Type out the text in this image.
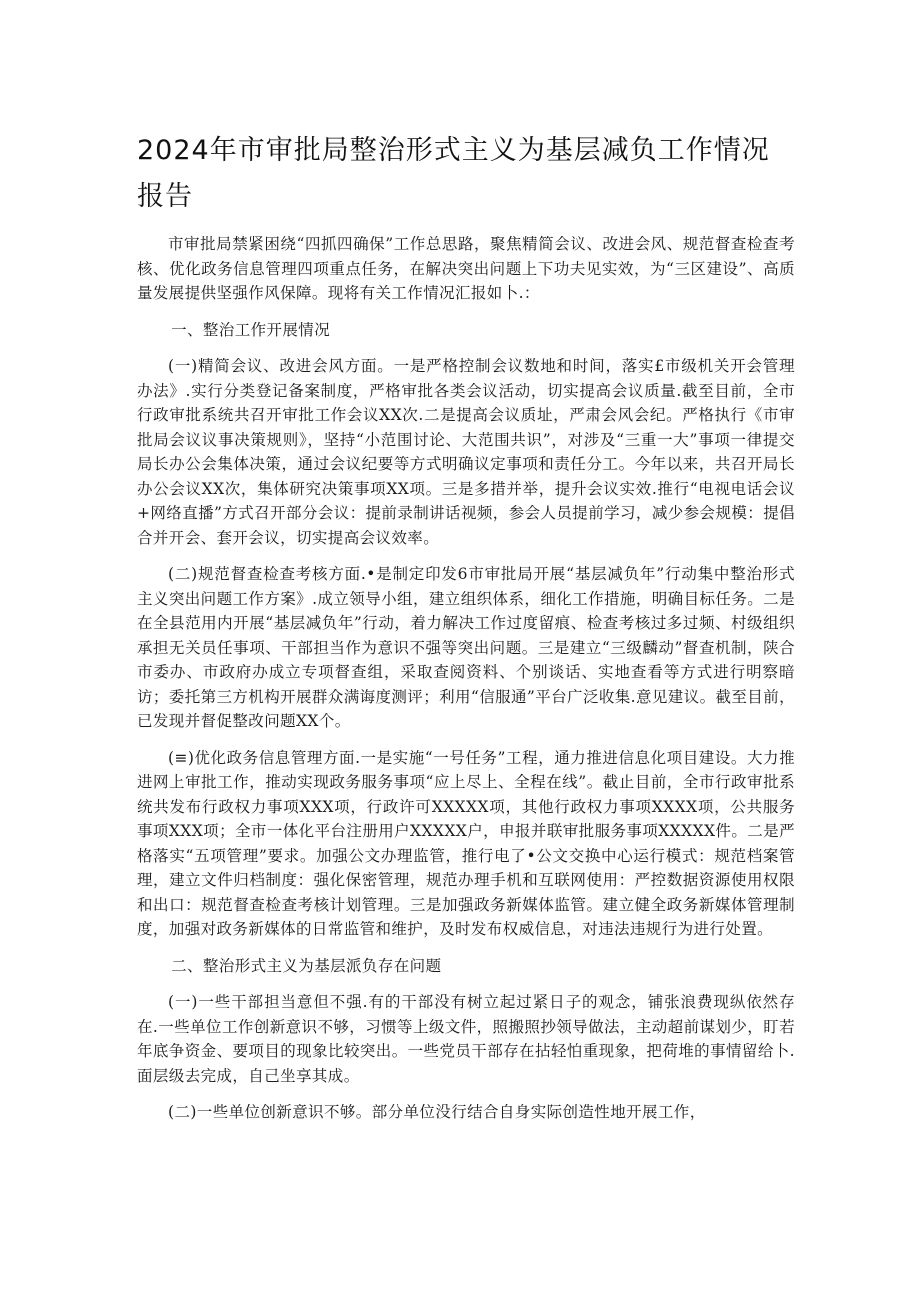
2024年市审批局整治形式主义为基层减负工作情况报告

市审批局禁紧困绕“四抓四确保”工作总思路，聚焦精简会议、改进会风、规范督查检查考核、优化政务信息管理四项重点任务，在解决突出问题上下功夫见实效，为“三区建设”、高质量发展提供坚强作风保障。现将有关工作情况汇报如卜.：

一、整治工作开展情况

(一)精简会议、改进会风方面。一是严格控制会议数地和时间，落实£市级机关开会管理办法》.实行分类登记备案制度，严格审批各类会议活动，切实提高会议质量.截至目前，全市行政审批系统共召开审批工作会议XX次.二是提高会议质址，严肃会风会纪。严格执行《市审批局会议议事决策规则》，坚持“小范围讨论、大范围共识”，对涉及“三重一大”事项一律提交局长办公会集体决策，通过会议纪要等方式明确议定事项和责任分工。今年以来，共召开局长办公会议XX次，集体研究决策事项XX项。三是多措并举，提升会议实效.推行“电视电话会议+网络直播”方式召开部分会议：提前录制讲话视频，参会人员提前学习，减少参会规模：提倡合并开会、套开会议，切实提高会议效率。

(二)规范督查检查考核方面.•是制定印发6市审批局开展“基层减负年”行动集中整治形式主义突出问题工作方案》.成立领导小组，建立组织体系，细化工作措施，明确目标任务。二是在全县范用内开展“基层减负年”行动，着力解决工作过度留痕、检查考核过多过频、村级组织承担无关员任事项、干部担当作为意识不强等突出问题。三是建立“三级麟动”督查机制，陕合市委办、市政府办成立专项督查组，采取查阅资料、个别谈话、实地查看等方式进行明察暗访；委托第三方机构开展群众满诲度测评；利用“信服通”平台广泛收集.意见建议。截至目前，已发现并督促整改问题XX个。

(≡)优化政务信息管理方面.一是实施“一号任务”工程，通力推进信息化项目建设。大力推进网上审批工作，推动实现政务服务事项“应上尽上、全程在线”。截止目前，全市行政审批系统共发布行政权力事项XXX项，行政许可XXXXX项，其他行政权力事项XXXX项，公共服务事项XXX项；全市一体化平台注册用户XXXXX户，申报并联审批服务事项XXXXX件。二是严格落实“五项管理”要求。加强公文办理监管，推行电了•公文交换中心运行模式：规范档案管理，建立文件归档制度：强化保密管理，规范办理手机和互联网使用：严控数据资源使用权限和出口：规范督查检查考核计划管理。三是加强政务新媒体监管。建立健全政务新媒体管理制度，加强对政务新媒体的日常监管和维护，及时发布权威信息，对违法违规行为进行处置。

二、整治形式主义为基层派负存在问题

(一)一些干部担当意但不强.有的干部没有树立起过紧日子的观念，铺张浪费现纵依然存在.一些单位工作创新意识不够，习惯等上级文件，照搬照抄领导做法，主动超前谋划少，盯若年底争资金、要项目的现象比较突出。一些党员干部存在拈轻怕重现象，把荷堆的事情留给卜.面层级去完成，自己坐享其成。

(二)一些单位创新意识不够。部分单位没行结合自身实际创造性地开展工作，
